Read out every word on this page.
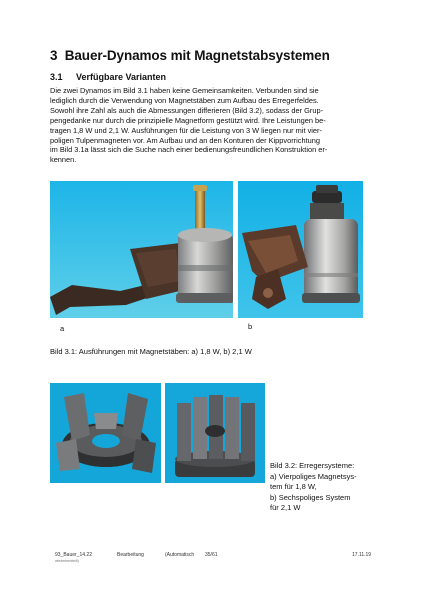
3 Bauer-Dynamos mit Magnetstabsystemen
3.1 Verfügbare Varianten

Die zwei Dynamos im Bild 3.1 haben keine Gemeinsamkeiten. Verbunden sind sie
lediglich durch die Verwendung von Magnetstäben zum Aufbau des Erregerfeldes.
Sowohl ihre Zahl als auch die Abmessungen differieren (Bild 3.2), sodass der Grup-
pengedanke nur durch die prinzipielle Magnetform gestützt wird. Ihre Leistungen be-
tragen 1,8 W und 2,1 W. Ausführungen für die Leistung von 3 W liegen nur mit vier-
poligen Tulpenmagneten vor. Am Aufbau und an den Konturen der Kippvorrichtung
im Bild 3.1a lässt sich die Suche nach einer bedienungsfreundlichen Konstruktion er-
kennen.

a	b

Bild 3.1: Ausführungen mit Magnetstäben: a) 1,8 W, b) 2,1 W

Bild 3.2: Erregersysteme:
a) Vierpoliges Magnetsys-
tem für 1,8 W,
b) Sechspoliges System
für 2,1 W

93_Bauer_14.22	Bearbeitung	(Automatisch 35/61	17.11.19
wiederherstellt)
